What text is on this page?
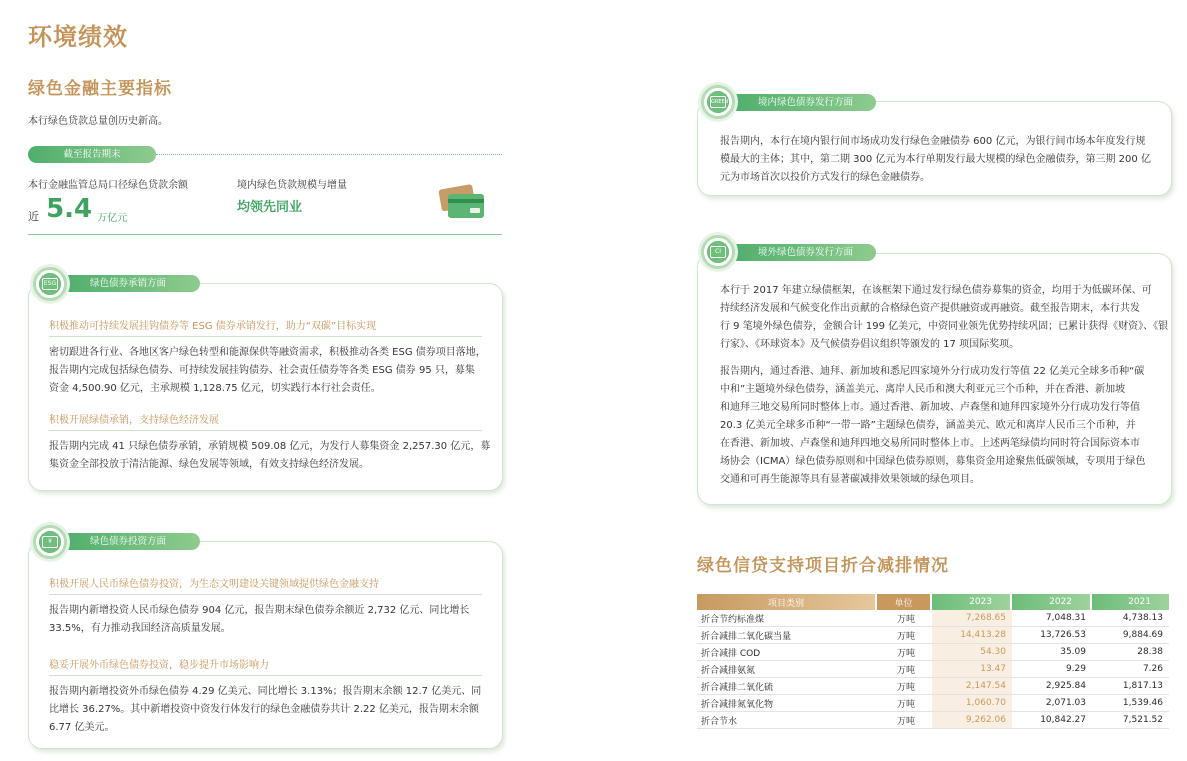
环境绩效
绿色金融主要指标
本行绿色贷款总量创历史新高。
截至报告期末
本行金融监管总局口径绿色贷款余额
近 5.4 万亿元
境内绿色贷款规模与增量
均领先同业
积极推动可持续发展挂钩债券等 ESG 债券承销发行，助力“双碳”目标实现
密切跟进各行业、各地区客户绿色转型和能源保供等融资需求，积极推动各类 ESG 债券项目落地，
报告期内完成包括绿色债券、可持续发展挂钩债券、社会责任债券等各类 ESG 债券 95 只，募集
资金 4,500.90 亿元，主承规模 1,128.75 亿元，切实践行本行社会责任。
积极开展绿债承销，支持绿色经济发展
报告期内完成 41 只绿色债券承销，承销规模 509.08 亿元，为发行人募集资金 2,257.30 亿元，募
集资金全部投放于清洁能源、绿色发展等领域，有效支持绿色经济发展。
绿色债券承销方面
ESG
积极开展人民币绿色债券投资，为生态文明建设关键领域提供绿色金融支持
报告期内新增投资人民币绿色债券 904 亿元，报告期末绿色债券余额近 2,732 亿元、同比增长
33.5%，有力推动我国经济高质量发展。
稳妥开展外币绿色债券投资，稳步提升市场影响力
报告期内新增投资外币绿色债券 4.29 亿美元、同比增长 3.13%；报告期末余额 12.7 亿美元、同
比增长 36.27%。其中新增投资中资发行体发行的绿色金融债券共计 2.22 亿美元，报告期末余额
6.77 亿美元。
绿色债券投资方面
¥
报告期内，本行在境内银行间市场成功发行绿色金融债券 600 亿元，为银行间市场本年度发行规
模最大的主体；其中，第二期 300 亿元为本行单期发行最大规模的绿色金融债券，第三期 200 亿
元为市场首次以投价方式发行的绿色金融债券。
境内绿色债券发行方面
GREEN
本行于 2017 年建立绿债框架，在该框架下通过发行绿色债券募集的资金，均用于为低碳环保、可
持续经济发展和气候变化作出贡献的合格绿色资产提供融资或再融资。截至报告期末，本行共发
行 9 笔境外绿色债券，金额合计 199 亿美元，中资同业领先优势持续巩固；已累计获得《财资》、《银
行家》、《环球资本》及气候债券倡议组织等颁发的 17 项国际奖项。
报告期内，通过香港、迪拜、新加坡和悉尼四家境外分行成功发行等值 22 亿美元全球多币种“碳
中和”主题境外绿色债券，涵盖美元、离岸人民币和澳大利亚元三个币种，并在香港、新加坡
和迪拜三地交易所同时整体上市。通过香港、新加坡、卢森堡和迪拜四家境外分行成功发行等值
20.3 亿美元全球多币种“一带一路”主题绿色债券，涵盖美元、欧元和离岸人民币三个币种，并
在香港、新加坡、卢森堡和迪拜四地交易所同时整体上市。上述两笔绿债均同时符合国际资本市
场协会（ICMA）绿色债券原则和中国绿色债券原则，募集资金用途聚焦低碳领域，专项用于绿色
交通和可再生能源等具有显著碳减排效果领域的绿色项目。
境外绿色债券发行方面
CI
绿色信贷支持项目折合减排情况
项目类别	单位	2023	2022	2021
折合节约标准煤	万吨	7,268.65	7,048.31	4,738.13
折合减排二氧化碳当量	万吨	14,413.28	13,726.53	9,884.69
折合减排 COD	万吨	54.30	35.09	28.38
折合减排氨氮	万吨	13.47	9.29	7.26
折合减排二氧化硫	万吨	2,147.54	2,925.84	1,817.13
折合减排氮氧化物	万吨	1,060.70	2,071.03	1,539.46
折合节水	万吨	9,262.06	10,842.27	7,521.52
